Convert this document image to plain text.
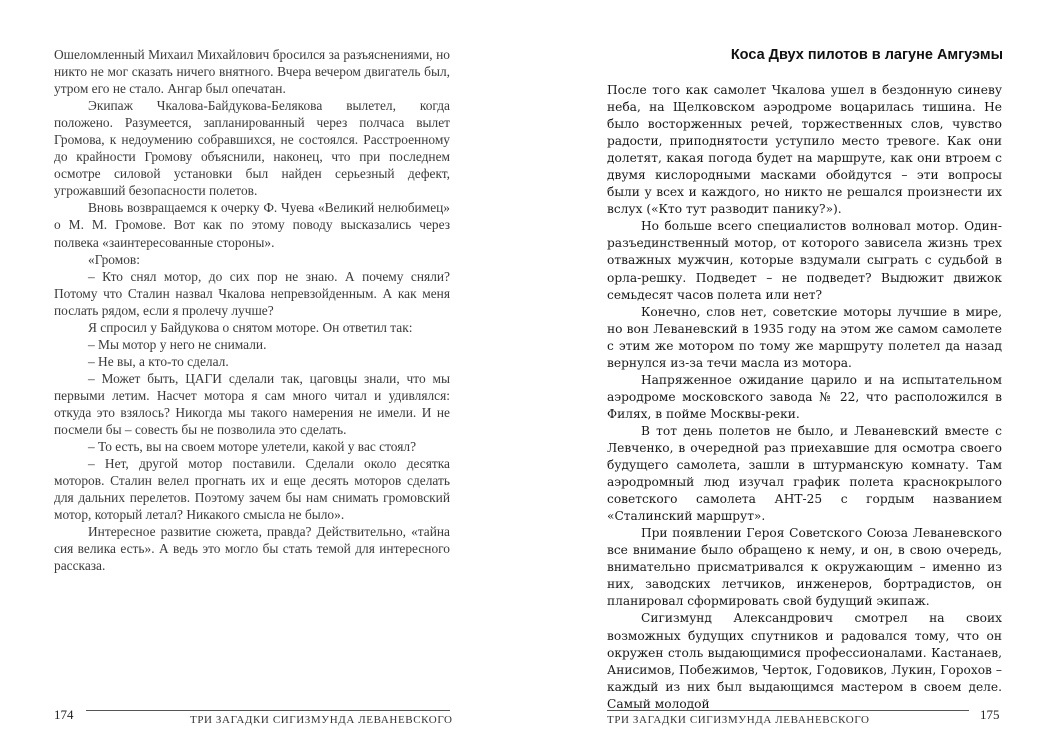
Ошеломленный Михаил Михайлович бросился за разъяснениями, но никто не мог сказать ничего внятного. Вчера вечером двигатель был, утром его не стало. Ангар был опечатан.

Экипаж Чкалова-Байдукова-Белякова вылетел, когда положено. Разумеется, запланированный через полчаса вылет Громова, к недоумению собравшихся, не состоялся. Расстроенному до крайности Громову объяснили, наконец, что при последнем осмотре силовой установки был найден серьезный дефект, угрожавший безопасности полетов.

Вновь возвращаемся к очерку Ф. Чуева «Великий нелюбимец» о М. М. Громове. Вот как по этому поводу высказались через полвека «заинтересованные стороны».

«Громов:

– Кто снял мотор, до сих пор не знаю. А почему сняли? Потому что Сталин назвал Чкалова непревзойденным. А как меня послать рядом, если я пролечу лучше?

Я спросил у Байдукова о снятом моторе. Он ответил так:

– Мы мотор у него не снимали.

– Не вы, а кто-то сделал.

– Может быть, ЦАГИ сделали так, цаговцы знали, что мы первыми летим. Насчет мотора я сам много читал и удивлялся: откуда это взялось? Никогда мы такого намерения не имели. И не посмели бы – совесть бы не позволила это сделать.

– То есть, вы на своем моторе улетели, какой у вас стоял?

– Нет, другой мотор поставили. Сделали около десятка моторов. Сталин велел прогнать их и еще десять моторов сделать для дальних перелетов. Поэтому зачем бы нам снимать громовский мотор, который летал? Никакого смысла не было».

Интересное развитие сюжета, правда? Действительно, «тайна сия велика есть». А ведь это могло бы стать темой для интересного рассказа.

174	ТРИ ЗАГАДКИ СИГИЗМУНДА ЛЕВАНЕВСКОГО
Коса Двух пилотов в лагуне Амгуэмы

После того как самолет Чкалова ушел в бездонную синеву неба, на Щелковском аэродроме воцарилась тишина. Не было восторженных речей, торжественных слов, чувство радости, приподнятости уступило место тревоге. Как они долетят, какая погода будет на маршруте, как они втроем с двумя кислородными масками обойдутся – эти вопросы были у всех и каждого, но никто не решался произнести их вслух («Кто тут разводит панику?»).

Но больше всего специалистов волновал мотор. Один-разъединственный мотор, от которого зависела жизнь трех отважных мужчин, которые вздумали сыграть с судьбой в орла-решку. Подведет – не подведет? Выдюжит движок семьдесят часов полета или нет?

Конечно, слов нет, советские моторы лучшие в мире, но вон Леваневский в 1935 году на этом же самом самолете с этим же мотором по тому же маршруту полетел да назад вернулся из-за течи масла из мотора.

Напряженное ожидание царило и на испытательном аэродроме московского завода № 22, что расположился в Филях, в пойме Москвы-реки.

В тот день полетов не было, и Леваневский вместе с Левченко, в очередной раз приехавшие для осмотра своего будущего самолета, зашли в штурманскую комнату. Там аэродромный люд изучал график полета краснокрылого советского самолета АНТ-25 с гордым названием «Сталинский маршрут».

При появлении Героя Советского Союза Леваневского все внимание было обращено к нему, и он, в свою очередь, внимательно присматривался к окружающим – именно из них, заводских летчиков, инженеров, бортрадистов, он планировал сформировать свой будущий экипаж.

Сигизмунд Александрович смотрел на своих возможных будущих спутников и радовался тому, что он окружен столь выдающимися профессионалами. Кастанаев, Анисимов, Побежимов, Черток, Годовиков, Лукин, Горохов – каждый из них был выдающимся мастером в своем деле. Самый молодой

ТРИ ЗАГАДКИ СИГИЗМУНДА ЛЕВАНЕВСКОГО	175
